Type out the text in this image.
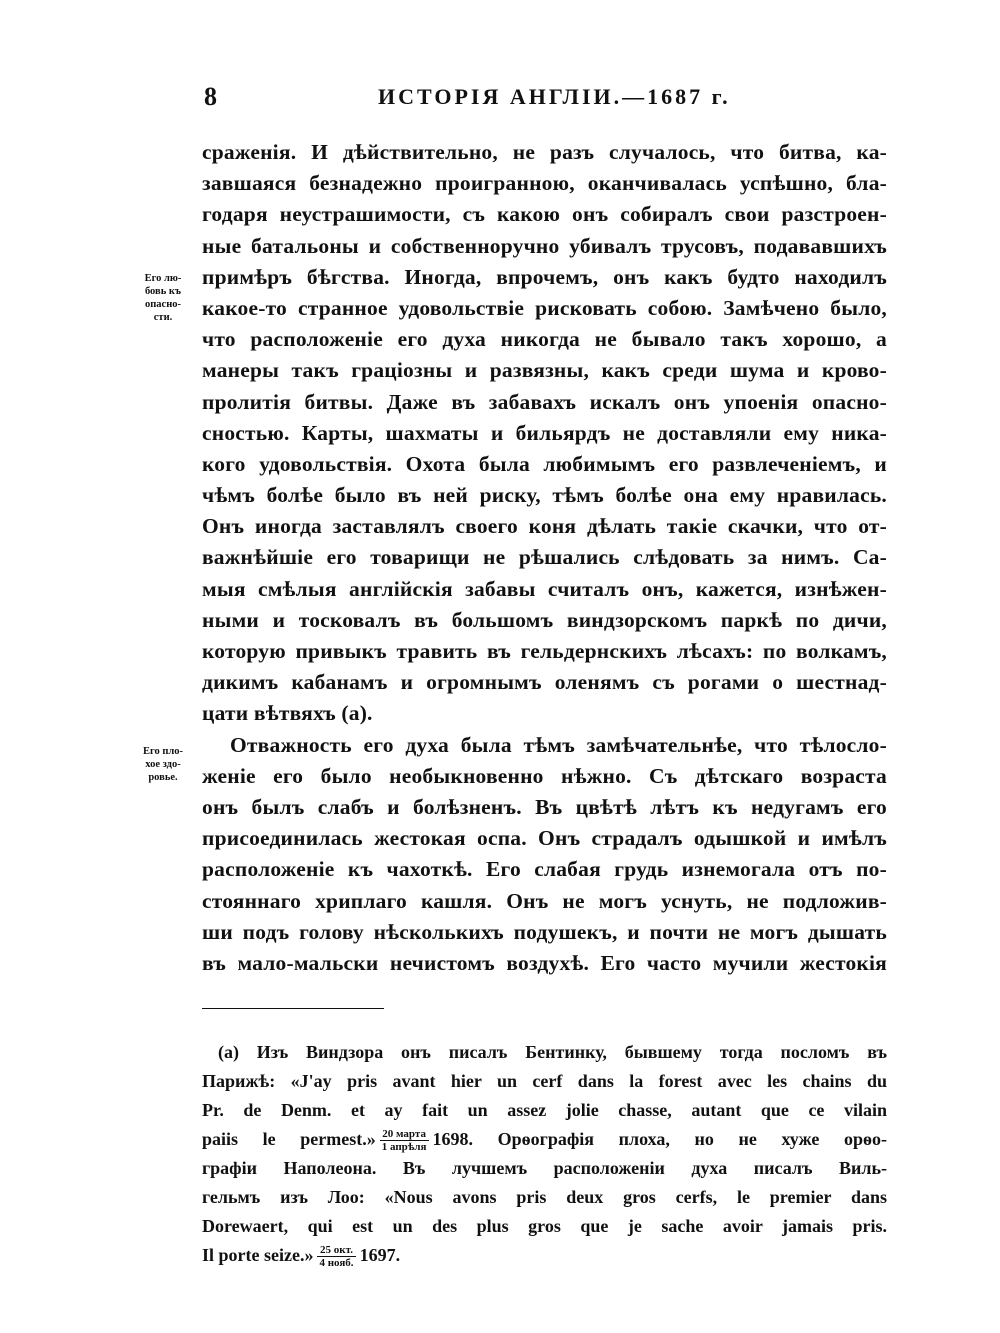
8	ИСТОРІЯ АНГЛІИ.—1687 г.
Его лю-
бовь къ
опасно-
сти.
Его пло-
хое здо-
ровье.
сраженія. И дѣйствительно, не разъ случалось, что битва, ка-
завшаяся безнадежно проигранною, оканчивалась успѣшно, бла-
годаря неустрашимости, съ какою онъ собиралъ свои разстроен-
ные батальоны и собственноручно убивалъ трусовъ, подававшихъ
примѣръ бѣгства. Иногда, впрочемъ, онъ какъ будто находилъ
какое-то странное удовольствіе рисковать собою. Замѣчено было,
что расположеніе его духа никогда не бывало такъ хорошо, а
манеры такъ граціозны и развязны, какъ среди шума и крово-
пролитія битвы. Даже въ забавахъ искалъ онъ упоенія опасно-
сностью. Карты, шахматы и бильярдъ не доставляли ему ника-
кого удовольствія. Охота была любимымъ его развлеченіемъ, и
чѣмъ болѣе было въ ней риску, тѣмъ болѣе она ему нравилась.
Онъ иногда заставлялъ своего коня дѣлать такіе скачки, что от-
важнѣйшіе его товарищи не рѣшались слѣдовать за нимъ. Са-
мыя смѣлыя англійскія забавы считалъ онъ, кажется, изнѣжен-
ными и тосковалъ въ большомъ виндзорскомъ паркѣ по дичи,
которую привыкъ травить въ гельдернскихъ лѣсахъ: по волкамъ,
дикимъ кабанамъ и огромнымъ оленямъ съ рогами о шестнад-
цати вѣтвяхъ (a).
Отважность его духа была тѣмъ замѣчательнѣе, что тѣлосло-
женіе его было необыкновенно нѣжно. Съ дѣтскаго возраста
онъ былъ слабъ и болѣзненъ. Въ цвѣтѣ лѣтъ къ недугамъ его
присоединилась жестокая оспа. Онъ страдалъ одышкой и имѣлъ
расположеніе къ чахоткѣ. Его слабая грудь изнемогала отъ по-
стояннаго хриплаго кашля. Онъ не могъ уснуть, не подложив-
ши подъ голову нѣсколькихъ подушекъ, и почти не могъ дышать
въ мало-мальски нечистомъ воздухѣ. Его часто мучили жестокія
(a) Изъ Виндзора онъ писалъ Бентинку, бывшему тогда посломъ въ
Парижѣ: «J'ay pris avant hier un cerf dans la forest avec les chains du
Pr. de Denm. et ay fait un assez jolie chasse, autant que ce vilain
paiis le permest.» $\frac{\text{20 марта}}{\text{1 апрѣля}} 1698$. Орѳографія плоха, но не хуже орѳо-
графіи Наполеона. Въ лучшемъ расположеніи духа писалъ Виль-
гельмъ изъ Лоо: «Nous avons pris deux gros cerfs, le premier dans
Dorewaert, qui est un des plus gros que je sache avoir jamais pris.
Il porte seize.» $\frac{\text{25 окт.}}{\text{4 нояб.}} 1697$.
